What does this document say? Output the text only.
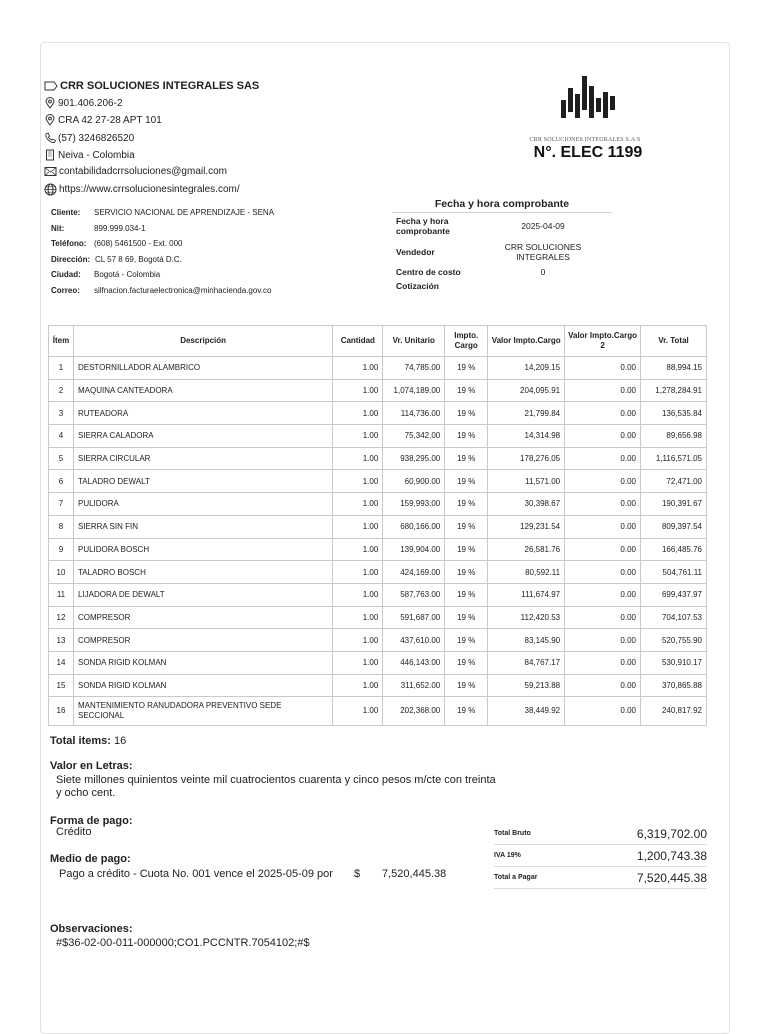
CRR SOLUCIONES INTEGRALES SAS
901.406.206-2
CRA 42 27-28 APT 101
(57) 3246826520
Neiva - Colombia
contabilidadcrrsoluciones@gmail.com
https://www.crrsolucionesintegrales.com/
CRR SOLUCIONES INTEGRALES S.A.S
N°. ELEC 1199
Cliente:	SERVICIO NACIONAL DE APRENDIZAJE - SENA
Nit:	899.999.034-1
Teléfono: (608) 5461500 - Ext. 000
Dirección: CL 57 8 69, Bogotá D.C.
Ciudad:	Bogotá - Colombia
Correo:	silfnacion.facturaelectronica@minhacienda.gov.co
Fecha y hora comprobante
Fecha y hora comprobante	2025-04-09
Vendedor	CRR SOLUCIONES INTEGRALES
Centro de costo	0
Cotización
Ítem	Descripción	Cantidad	Vr. Unitario	Impto. Cargo	Valor Impto.Cargo	Valor Impto.Cargo 2	Vr. Total
1	DESTORNILLADOR ALAMBRICO	1.00	74,785.00	19 %	14,209.15	0.00	88,994.15
2	MAQUINA CANTEADORA	1.00	1,074,189.00	19 %	204,095.91	0.00	1,278,284.91
3	RUTEADORA	1.00	114,736.00	19 %	21,799.84	0.00	136,535.84
4	SIERRA CALADORA	1.00	75,342.00	19 %	14,314.98	0.00	89,656.98
5	SIERRA CIRCULAR	1.00	938,295.00	19 %	178,276.05	0.00	1,116,571.05
6	TALADRO DEWALT	1.00	60,900.00	19 %	11,571.00	0.00	72,471.00
7	PULIDORA	1.00	159,993.00	19 %	30,398.67	0.00	190,391.67
8	SIERRA SIN FIN	1.00	680,166.00	19 %	129,231.54	0.00	809,397.54
9	PULIDORA BOSCH	1.00	139,904.00	19 %	26,581.76	0.00	166,485.76
10	TALADRO BOSCH	1.00	424,169.00	19 %	80,592.11	0.00	504,761.11
11	LIJADORA DE DEWALT	1.00	587,763.00	19 %	111,674.97	0.00	699,437.97
12	COMPRESOR	1.00	591,687.00	19 %	112,420.53	0.00	704,107.53
13	COMPRESOR	1.00	437,610.00	19 %	83,145.90	0.00	520,755.90
14	SONDA RIGID KOLMAN	1.00	446,143.00	19 %	84,767.17	0.00	530,910.17
15	SONDA RIGID KOLMAN	1.00	311,652.00	19 %	59,213.88	0.00	370,865.88
16	MANTENIMIENTO RANUDADORA PREVENTIVO SEDE SECCIONAL	1.00	202,368.00	19 %	38,449.92	0.00	240,817.92
Total items: 16
Valor en Letras:
Siete millones quinientos veinte mil cuatrocientos cuarenta y cinco pesos m/cte con treinta y ocho cent.
Forma de pago:
Crédito
Medio de pago:
Pago a crédito - Cuota No. 001 vence el 2025-05-09 por	$ 7,520,445.38
Observaciones:
#$36-02-00-011-000000;CO1.PCCNTR.7054102;#$
Total Bruto	6,319,702.00
IVA 19%	1,200,743.38
Total a Pagar	7,520,445.38
